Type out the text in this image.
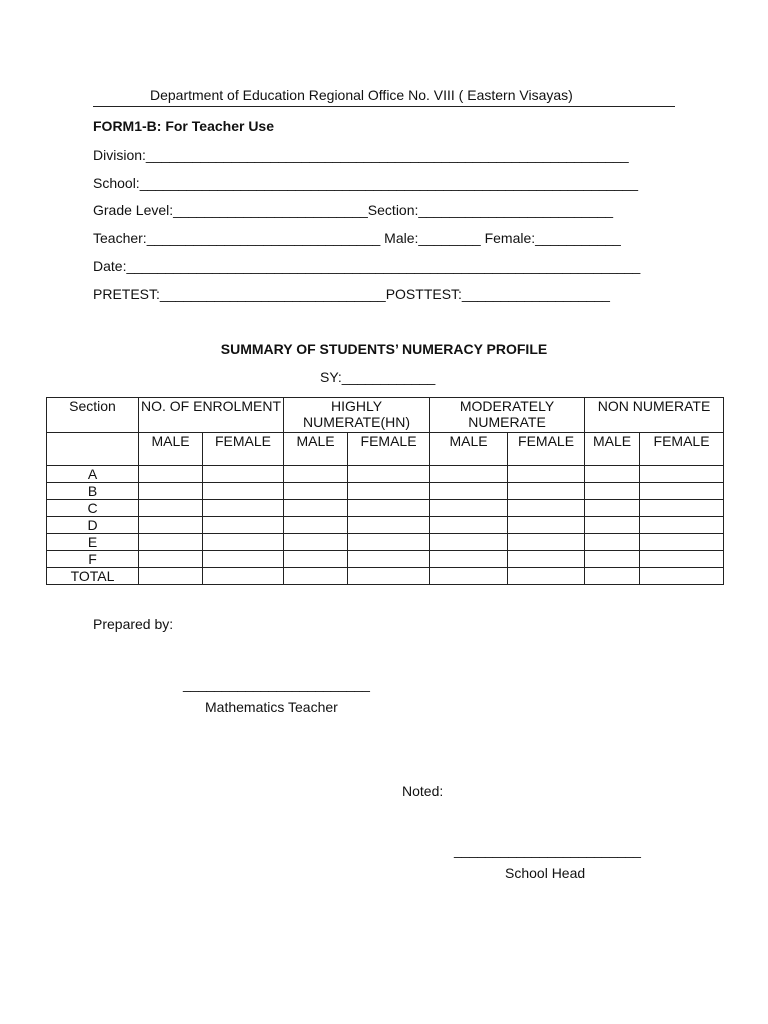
Department of Education Regional Office No. VIII ( Eastern Visayas)
FORM1-B: For Teacher Use
Division:______________________________________________________________
School:________________________________________________________________
Grade Level:_________________________Section:_________________________
Teacher:______________________________ Male:________ Female:___________
Date:__________________________________________________________________
PRETEST:_____________________________POSTTEST:___________________
SUMMARY OF STUDENTS’ NUMERACY PROFILE
SY:____________
Section	NO. OF ENROLMENT		HIGHLY NUMERATE(HN)		MODERATELY NUMERATE		NON NUMERATE	
	MALE	FEMALE	MALE	FEMALE	MALE	FEMALE	MALE	FEMALE
A								
B								
C								
D								
E								
F								
TOTAL								
Prepared by:
________________________
Mathematics Teacher
Noted:
________________________
School Head
